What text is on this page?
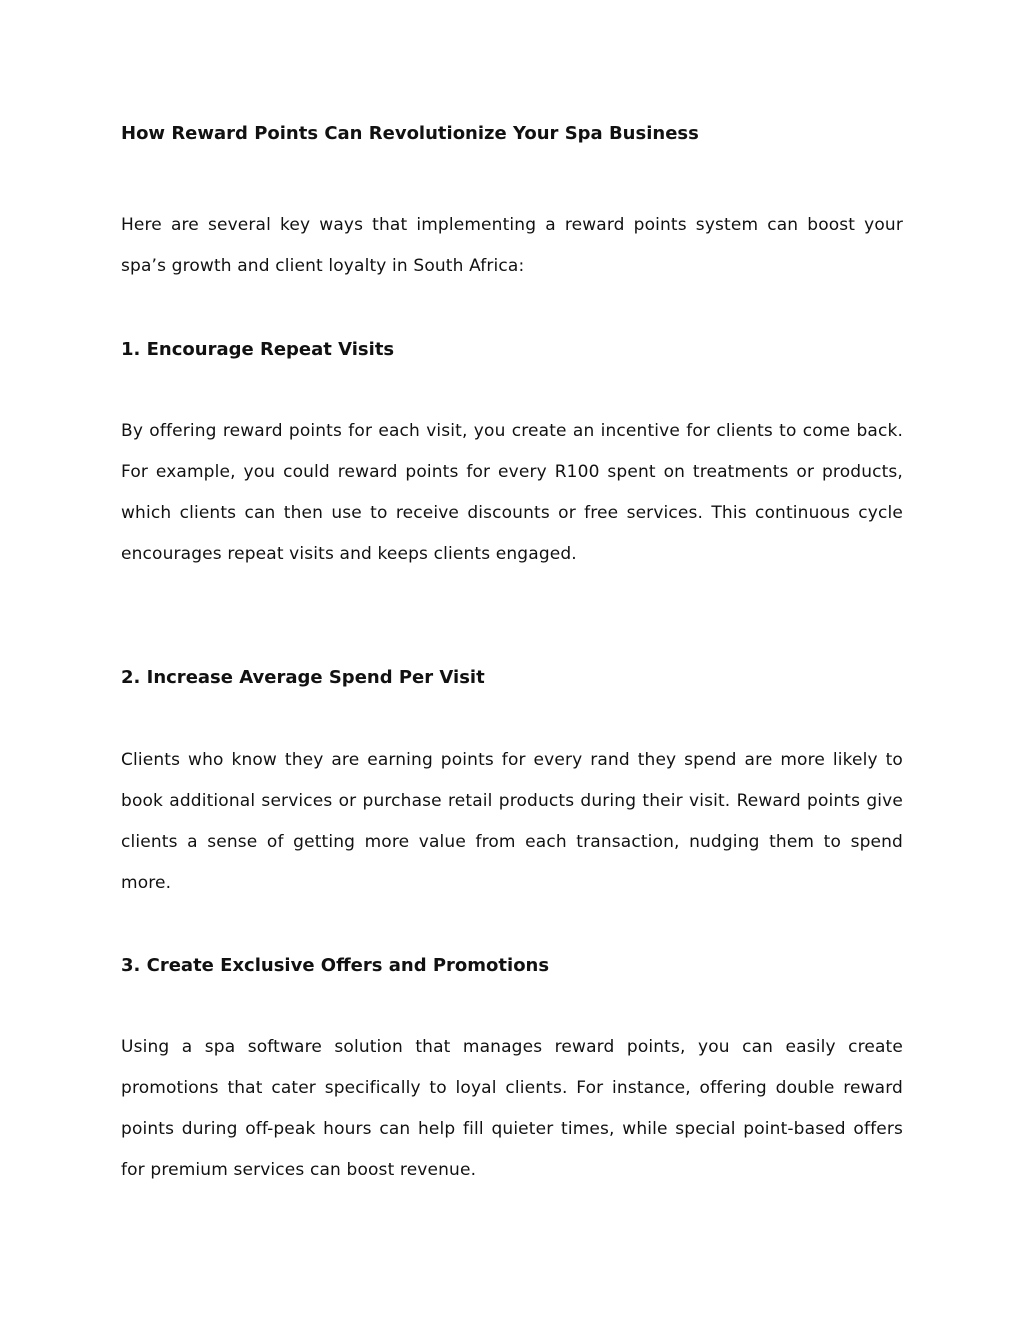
How Reward Points Can Revolutionize Your Spa Business

Here are several key ways that implementing a reward points system can boost your spa’s growth and client loyalty in South Africa:

1. Encourage Repeat Visits

By offering reward points for each visit, you create an incentive for clients to come back. For example, you could reward points for every R100 spent on treatments or products, which clients can then use to receive discounts or free services. This continuous cycle encourages repeat visits and keeps clients engaged.

2. Increase Average Spend Per Visit

Clients who know they are earning points for every rand they spend are more likely to book additional services or purchase retail products during their visit. Reward points give clients a sense of getting more value from each transaction, nudging them to spend more.

3. Create Exclusive Offers and Promotions

Using a spa software solution that manages reward points, you can easily create promotions that cater specifically to loyal clients. For instance, offering double reward points during off-peak hours can help fill quieter times, while special point-based offers for premium services can boost revenue.
